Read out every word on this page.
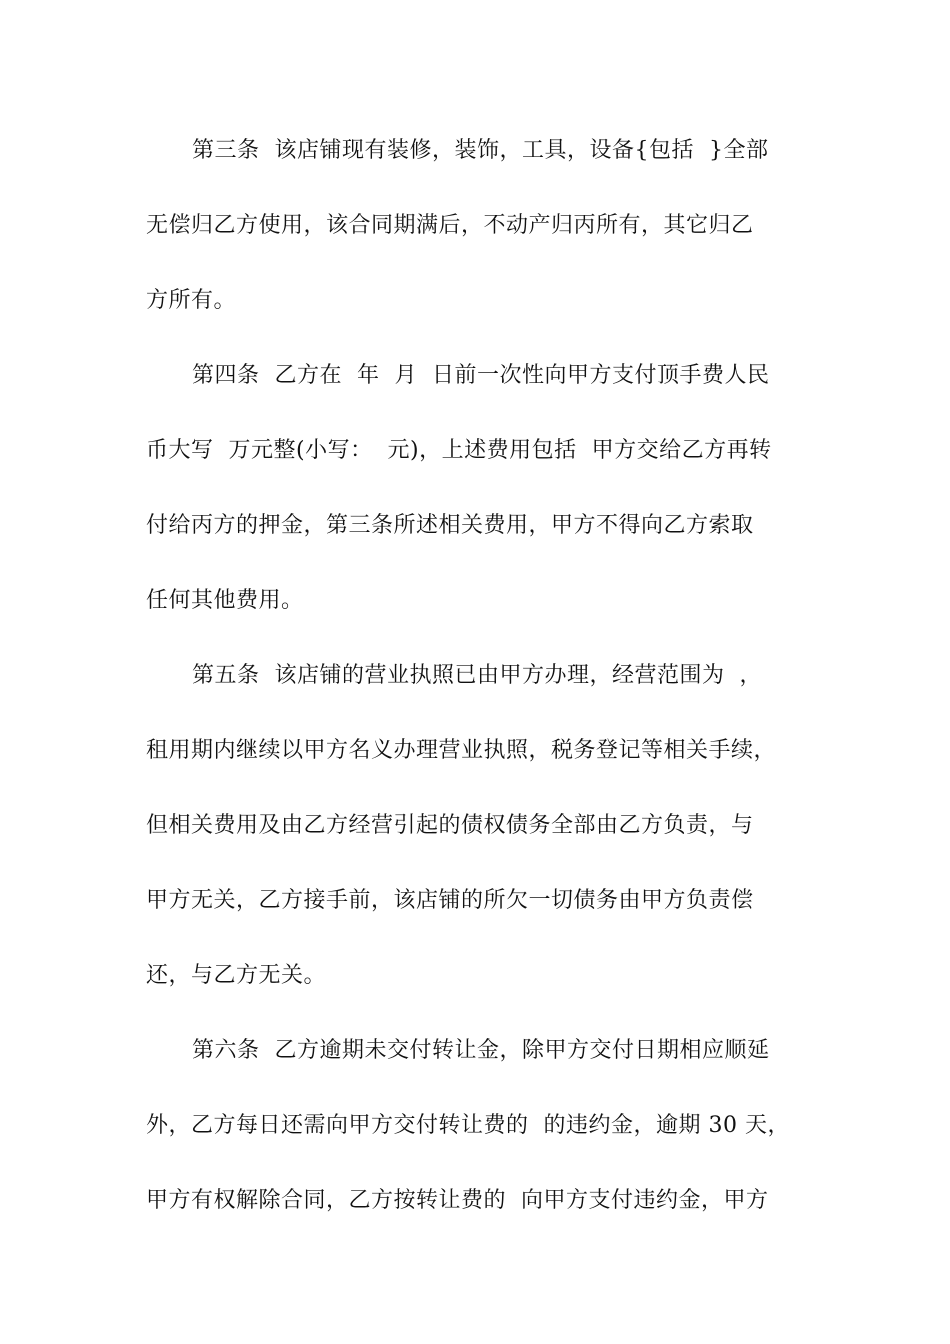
第三条  该店铺现有装修，装饰，工具，设备{包括  }全部
无偿归乙方使用，该合同期满后，不动产归丙所有，其它归乙
方所有。
第四条  乙方在  年  月  日前一次性向甲方支付顶手费人民
币大写  万元整(小写：  元)，上述费用包括  甲方交给乙方再转
付给丙方的押金，第三条所述相关费用，甲方不得向乙方索取
任何其他费用。
第五条  该店铺的营业执照已由甲方办理，经营范围为  ，
租用期内继续以甲方名义办理营业执照，税务登记等相关手续，
但相关费用及由乙方经营引起的债权债务全部由乙方负责，与
甲方无关，乙方接手前，该店铺的所欠一切债务由甲方负责偿
还，与乙方无关。
第六条  乙方逾期未交付转让金，除甲方交付日期相应顺延
外，乙方每日还需向甲方交付转让费的  的违约金，逾期 30 天，
甲方有权解除合同，乙方按转让费的  向甲方支付违约金，甲方
